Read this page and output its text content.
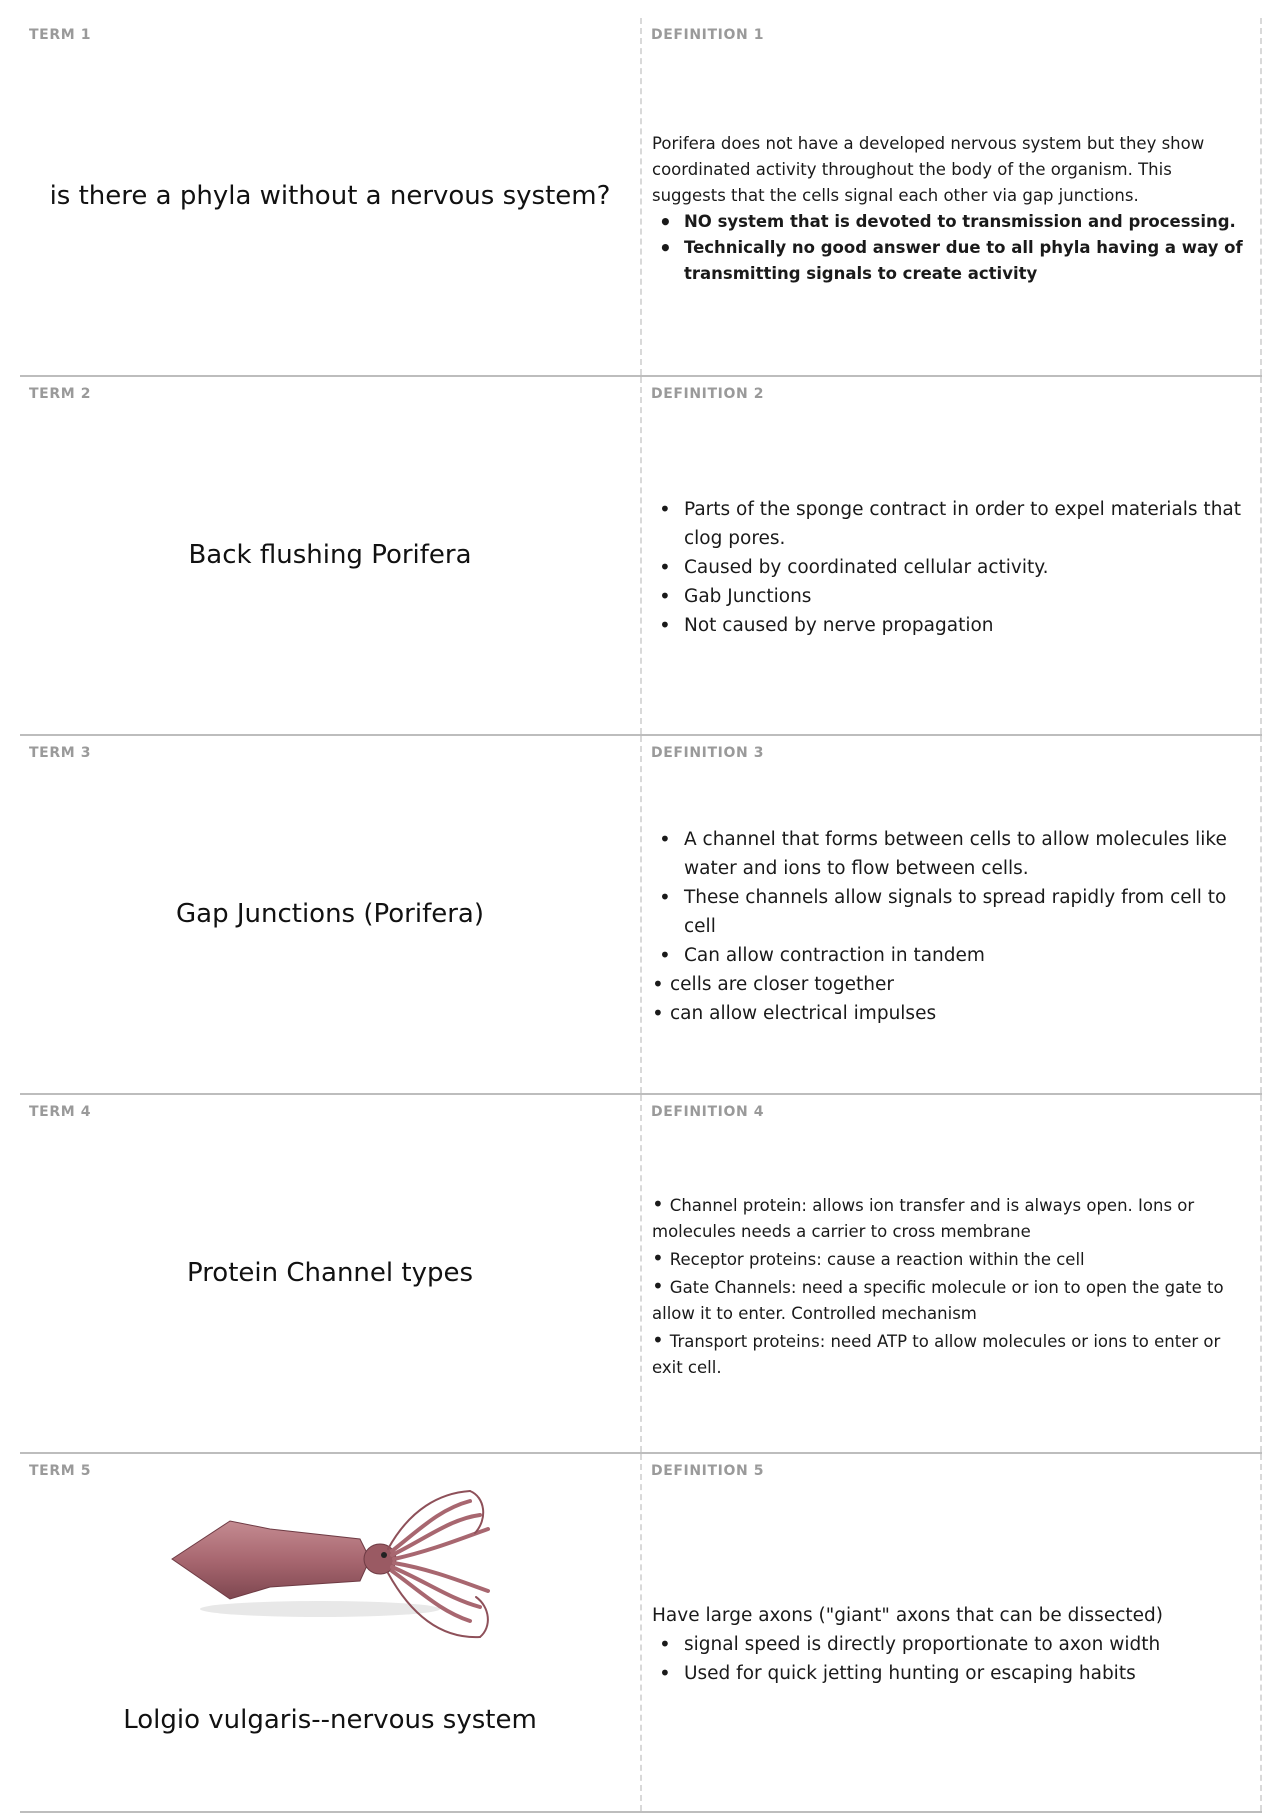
TERM 1
is there a phyla without a nervous system?
DEFINITION 1
Porifera does not have a developed nervous system but they show coordinated activity throughout the body of the organism. This suggests that the cells signal each other via gap junctions.
• NO system that is devoted to transmission and processing.
• Technically no good answer due to all phyla having a way of transmitting signals to create activity
TERM 2
Back flushing Porifera
DEFINITION 2
• Parts of the sponge contract in order to expel materials that clog pores.
• Caused by coordinated cellular activity.
• Gab Junctions
• Not caused by nerve propagation
TERM 3
Gap Junctions (Porifera)
DEFINITION 3
• A channel that forms between cells to allow molecules like water and ions to flow between cells.
• These channels allow signals to spread rapidly from cell to cell
• Can allow contraction in tandem
• cells are closer together
• can allow electrical impulses
TERM 4
Protein Channel types
DEFINITION 4
• Channel protein: allows ion transfer and is always open. Ions or molecules needs a carrier to cross membrane
• Receptor proteins: cause a reaction within the cell
• Gate Channels: need a specific molecule or ion to open the gate to allow it to enter. Controlled mechanism
• Transport proteins: need ATP to allow molecules or ions to enter or exit cell.
TERM 5
Lolgio vulgaris--nervous system
DEFINITION 5
Have large axons ("giant" axons that can be dissected)
• signal speed is directly proportionate to axon width
• Used for quick jetting hunting or escaping habits
